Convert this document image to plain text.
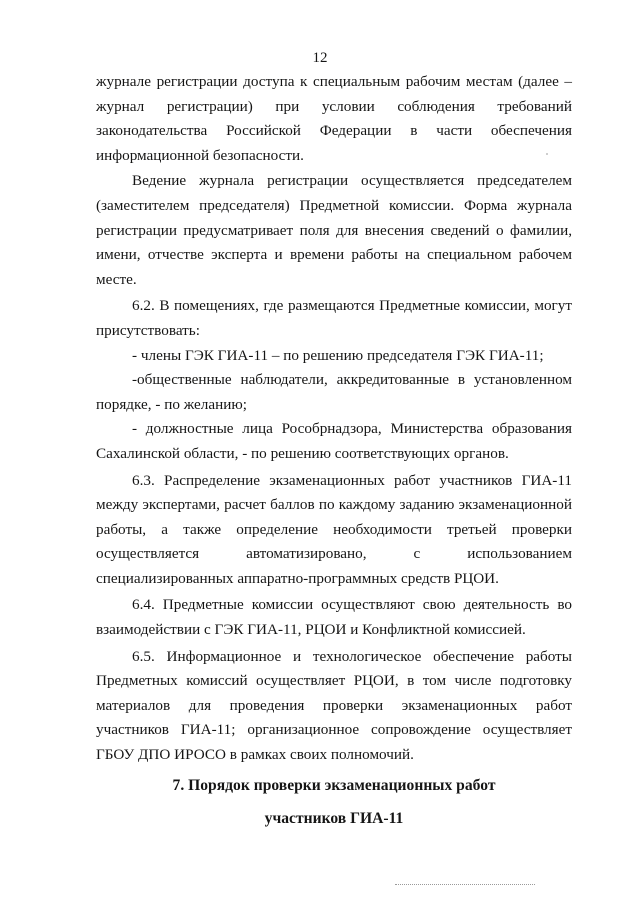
12

журнале регистрации доступа к специальным рабочим местам (далее – журнал регистрации) при условии соблюдения требований законодательства Российской Федерации в части обеспечения информационной безопасности.

Ведение журнала регистрации осуществляется председателем (заместителем председателя) Предметной комиссии. Форма журнала регистрации предусматривает поля для внесения сведений о фамилии, имени, отчестве эксперта и времени работы на специальном рабочем месте.

6.2. В помещениях, где размещаются Предметные комиссии, могут присутствовать:

- члены ГЭК ГИА-11 – по решению председателя ГЭК ГИА-11;

-общественные наблюдатели, аккредитованные в установленном порядке, - по желанию;

- должностные лица Рособрнадзора, Министерства образования Сахалинской области, - по решению соответствующих органов.

6.3. Распределение экзаменационных работ участников ГИА-11 между экспертами, расчет баллов по каждому заданию экзаменационной работы, а также определение необходимости третьей проверки осуществляется автоматизировано, с использованием специализированных аппаратно-программных средств РЦОИ.

6.4. Предметные комиссии осуществляют свою деятельность во взаимодействии с ГЭК ГИА-11, РЦОИ и Конфликтной комиссией.

6.5. Информационное и технологическое обеспечение работы Предметных комиссий осуществляет РЦОИ, в том числе подготовку материалов для проведения проверки экзаменационных работ участников ГИА-11; организационное сопровождение осуществляет ГБОУ ДПО ИРОСО в рамках своих полномочий.

7. Порядок проверки экзаменационных работ

участников ГИА-11
